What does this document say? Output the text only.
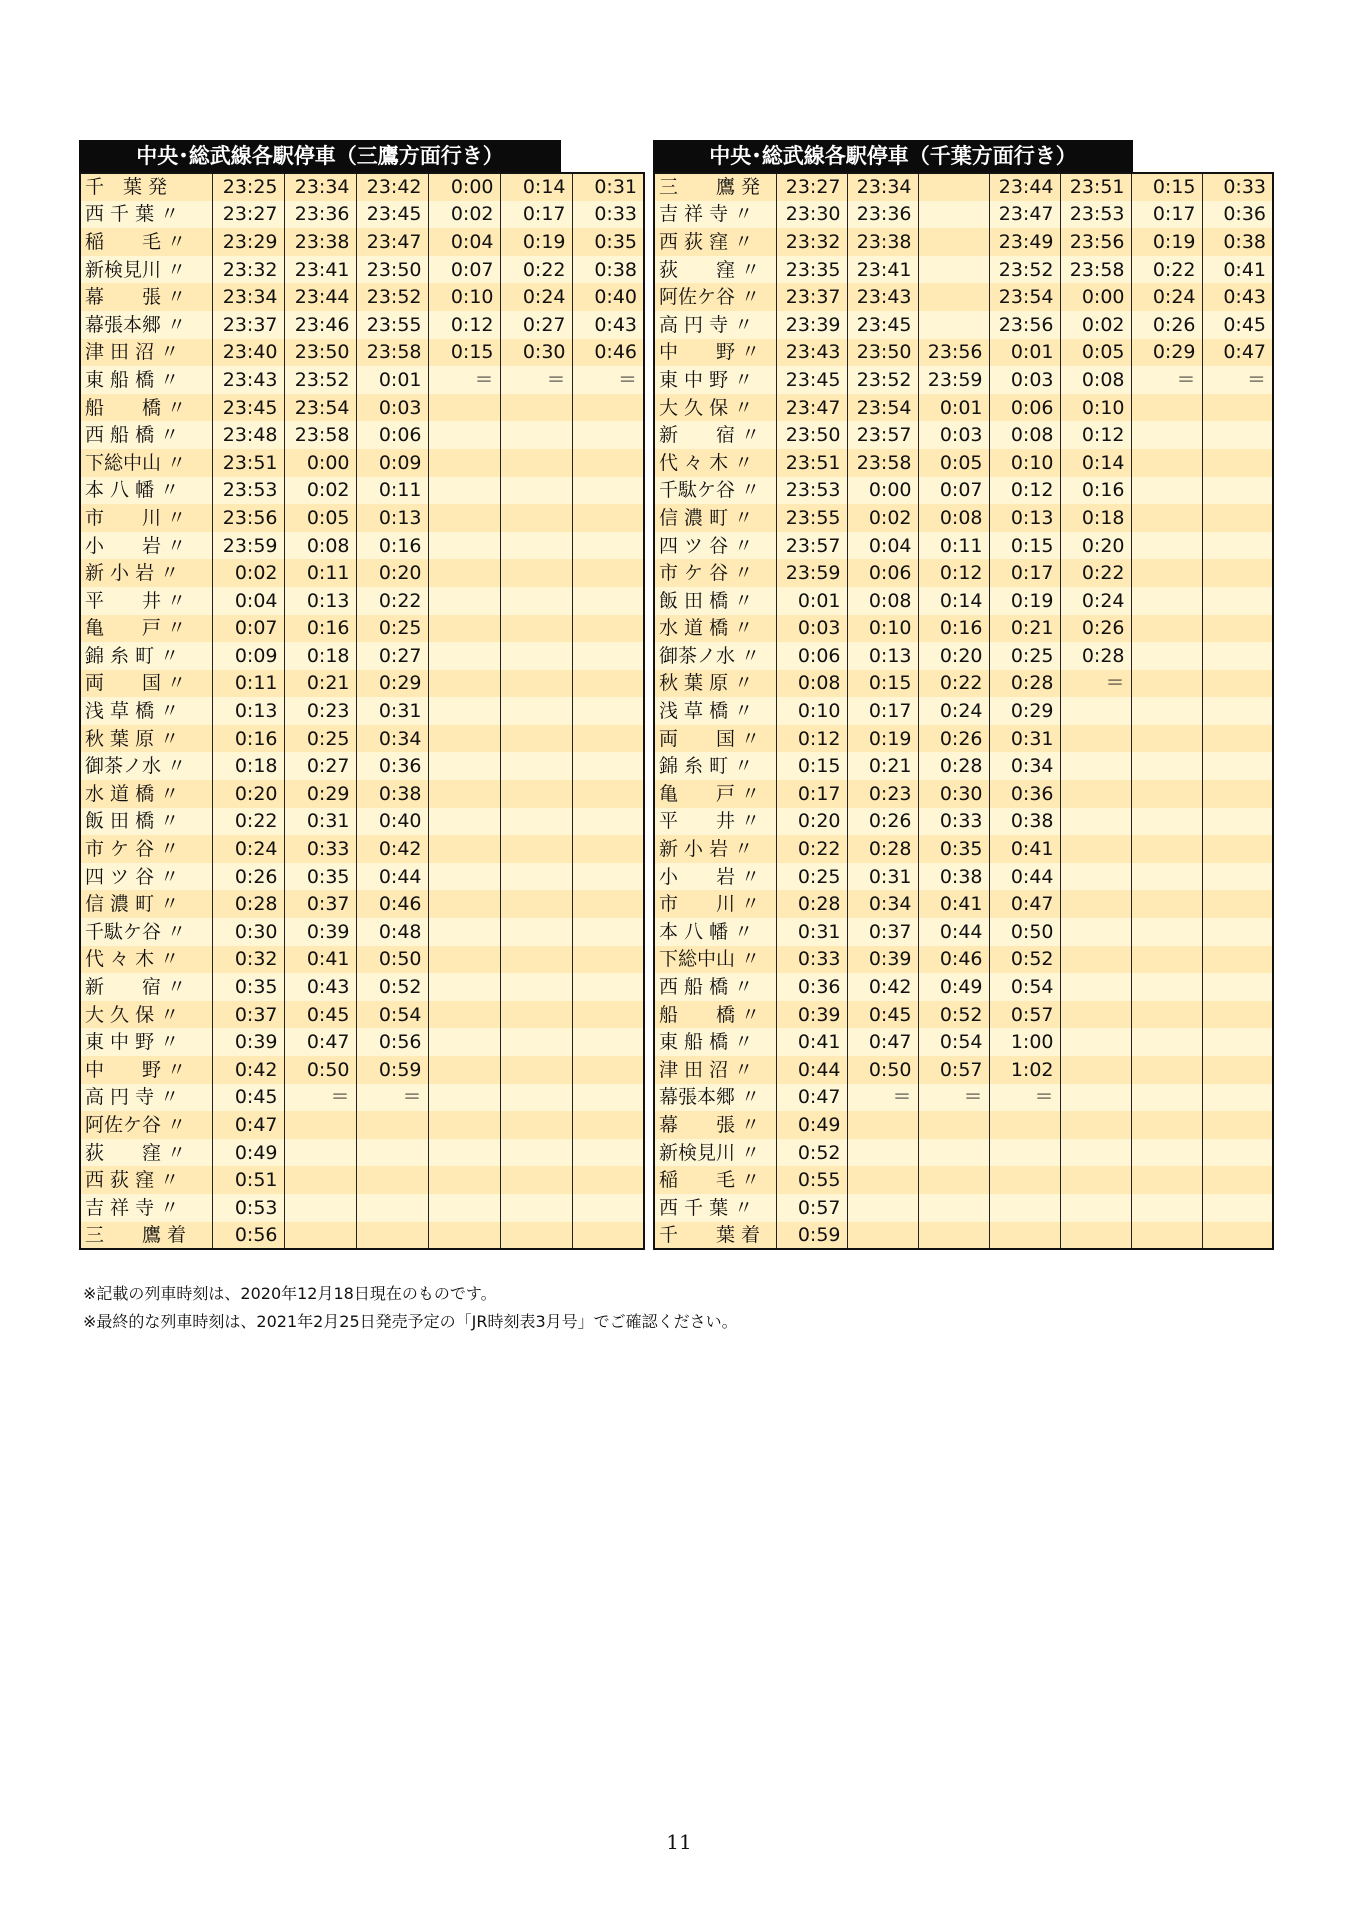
中央･総武線各駅停車（三鷹方面行き）
千　葉 発	23:25	23:34	23:42	0:00	0:14	0:31
西 千 葉 〃	23:27	23:36	23:45	0:02	0:17	0:33
稲　　毛 〃	23:29	23:38	23:47	0:04	0:19	0:35
新検見川 〃	23:32	23:41	23:50	0:07	0:22	0:38
幕　　張 〃	23:34	23:44	23:52	0:10	0:24	0:40
幕張本郷 〃	23:37	23:46	23:55	0:12	0:27	0:43
津 田 沼 〃	23:40	23:50	23:58	0:15	0:30	0:46
東 船 橋 〃	23:43	23:52	0:01	＝	＝	＝
船　　橋 〃	23:45	23:54	0:03			
西 船 橋 〃	23:48	23:58	0:06			
下総中山 〃	23:51	0:00	0:09			
本 八 幡 〃	23:53	0:02	0:11			
市　　川 〃	23:56	0:05	0:13			
小　　岩 〃	23:59	0:08	0:16			
新 小 岩 〃	0:02	0:11	0:20			
平　　井 〃	0:04	0:13	0:22			
亀　　戸 〃	0:07	0:16	0:25			
錦 糸 町 〃	0:09	0:18	0:27			
両　　国 〃	0:11	0:21	0:29			
浅 草 橋 〃	0:13	0:23	0:31			
秋 葉 原 〃	0:16	0:25	0:34			
御茶ノ水 〃	0:18	0:27	0:36			
水 道 橋 〃	0:20	0:29	0:38			
飯 田 橋 〃	0:22	0:31	0:40			
市 ケ 谷 〃	0:24	0:33	0:42			
四 ツ 谷 〃	0:26	0:35	0:44			
信 濃 町 〃	0:28	0:37	0:46			
千駄ケ谷 〃	0:30	0:39	0:48			
代 々 木 〃	0:32	0:41	0:50			
新　　宿 〃	0:35	0:43	0:52			
大 久 保 〃	0:37	0:45	0:54			
東 中 野 〃	0:39	0:47	0:56			
中　　野 〃	0:42	0:50	0:59			
高 円 寺 〃	0:45	＝	＝			
阿佐ケ谷 〃	0:47					
荻　　窪 〃	0:49					
西 荻 窪 〃	0:51					
吉 祥 寺 〃	0:53					
三　　鷹 着	0:56					
中央･総武線各駅停車（千葉方面行き）
三　　鷹 発	23:27	23:34		23:44	23:51	0:15	0:33
吉 祥 寺 〃	23:30	23:36		23:47	23:53	0:17	0:36
西 荻 窪 〃	23:32	23:38		23:49	23:56	0:19	0:38
荻　　窪 〃	23:35	23:41		23:52	23:58	0:22	0:41
阿佐ケ谷 〃	23:37	23:43		23:54	0:00	0:24	0:43
高 円 寺 〃	23:39	23:45		23:56	0:02	0:26	0:45
中　　野 〃	23:43	23:50	23:56	0:01	0:05	0:29	0:47
東 中 野 〃	23:45	23:52	23:59	0:03	0:08	＝	＝
大 久 保 〃	23:47	23:54	0:01	0:06	0:10		
新　　宿 〃	23:50	23:57	0:03	0:08	0:12		
代 々 木 〃	23:51	23:58	0:05	0:10	0:14		
千駄ケ谷 〃	23:53	0:00	0:07	0:12	0:16		
信 濃 町 〃	23:55	0:02	0:08	0:13	0:18		
四 ツ 谷 〃	23:57	0:04	0:11	0:15	0:20		
市 ケ 谷 〃	23:59	0:06	0:12	0:17	0:22		
飯 田 橋 〃	0:01	0:08	0:14	0:19	0:24		
水 道 橋 〃	0:03	0:10	0:16	0:21	0:26		
御茶ノ水 〃	0:06	0:13	0:20	0:25	0:28		
秋 葉 原 〃	0:08	0:15	0:22	0:28	＝		
浅 草 橋 〃	0:10	0:17	0:24	0:29			
両　　国 〃	0:12	0:19	0:26	0:31			
錦 糸 町 〃	0:15	0:21	0:28	0:34			
亀　　戸 〃	0:17	0:23	0:30	0:36			
平　　井 〃	0:20	0:26	0:33	0:38			
新 小 岩 〃	0:22	0:28	0:35	0:41			
小　　岩 〃	0:25	0:31	0:38	0:44			
市　　川 〃	0:28	0:34	0:41	0:47			
本 八 幡 〃	0:31	0:37	0:44	0:50			
下総中山 〃	0:33	0:39	0:46	0:52			
西 船 橋 〃	0:36	0:42	0:49	0:54			
船　　橋 〃	0:39	0:45	0:52	0:57			
東 船 橋 〃	0:41	0:47	0:54	1:00			
津 田 沼 〃	0:44	0:50	0:57	1:02			
幕張本郷 〃	0:47	＝	＝	＝			
幕　　張 〃	0:49						
新検見川 〃	0:52						
稲　　毛 〃	0:55						
西 千 葉 〃	0:57						
千　　葉 着	0:59						
※記載の列車時刻は、2020年12月18日現在のものです。
※最終的な列車時刻は、2021年2月25日発売予定の「JR時刻表3月号」でご確認ください。
11
